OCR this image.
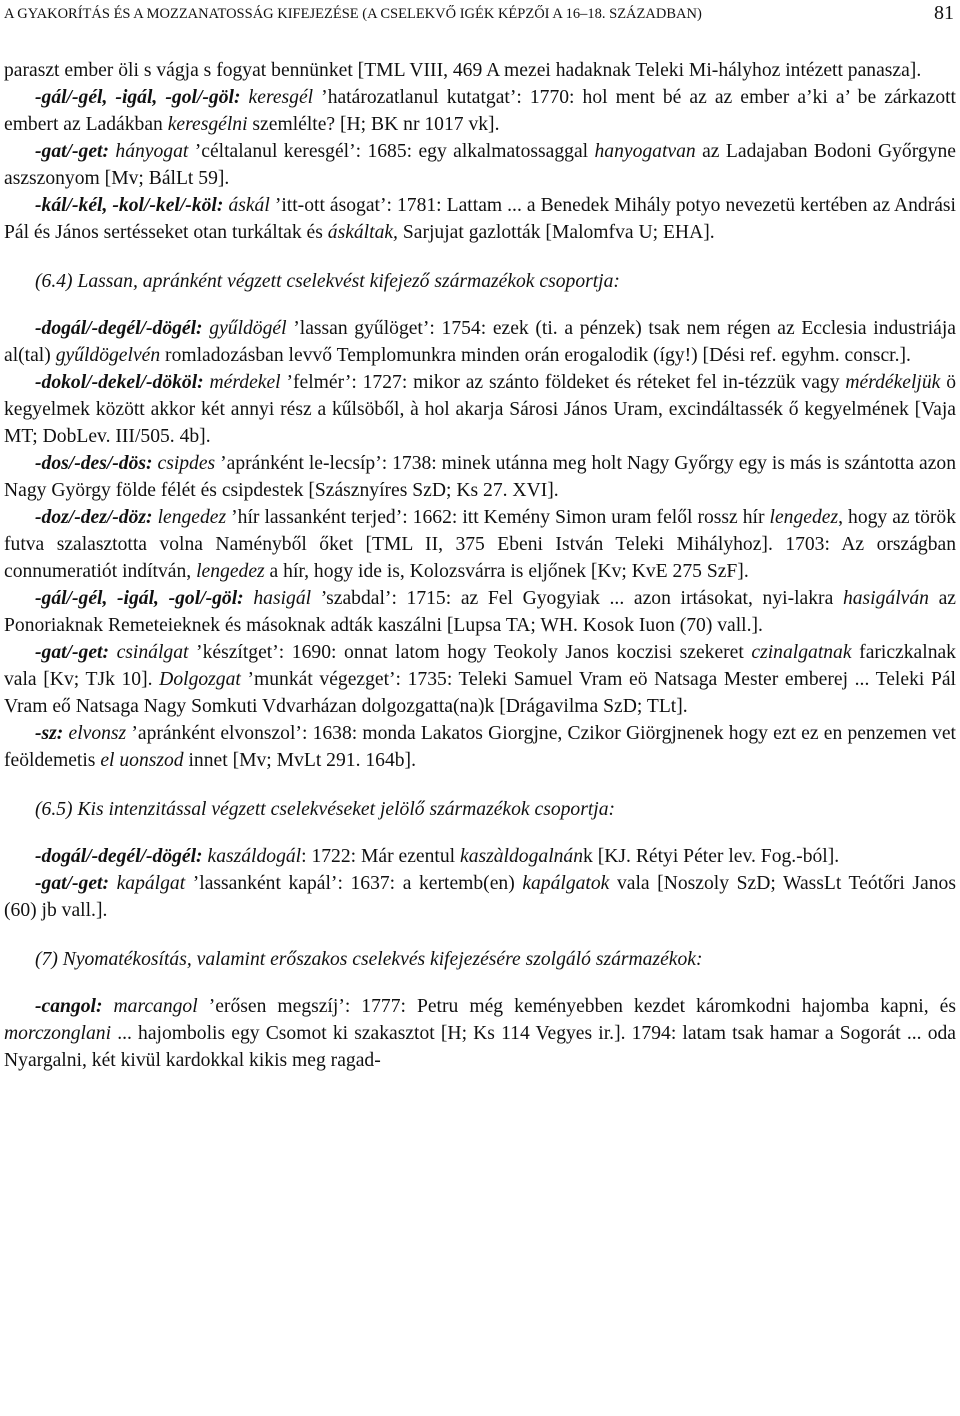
A GYAKORÍTÁS ÉS A MOZZANATOSSÁG KIFEJEZÉSE (A CSELEKVŐ IGÉK KÉPZŐI A 16–18. SZÁZADBAN)	81

paraszt ember öli s vágja s fogyat bennünket [TML VIII, 469 A mezei hadaknak Teleki Mi-hályhoz intézett panasza].

-gál/-gél, -igál, -gol/-göl: keresgél ’határozatlanul kutatgat’: 1770: hol ment bé az az ember a’ki a’ be zárkazott embert az Ladákban keresgélni szemlélte? [H; BK nr 1017 vk].

-gat/-get: hányogat ’céltalanul keresgél’: 1685: egy alkalmatossaggal hanyogatvan az Ladajaban Bodoni Győrgyne aszszonyom [Mv; BálLt 59].

-kál/-kél, -kol/-kel/-köl: áskál ’itt-ott ásogat’: 1781: Lattam ... a Benedek Mihály potyo nevezetü kertében az Andrási Pál és János sertésseket otan turkáltak és áskáltak, Sarjujat gazlották [Malomfva U; EHA].

(6.4) Lassan, apránként végzett cselekvést kifejező származékok csoportja:

-dogál/-degél/-dögél: gyűldögél ’lassan gyűlöget’: 1754: ezek (ti. a pénzek) tsak nem régen az Ecclesia industriája al(tal) gyűldögelvén romladozásban levvő Templomunkra minden orán erogalodik (így!) [Dési ref. egyhm. conscr.].

-dokol/-dekel/-dököl: mérdekel ’felmér’: 1727: mikor az szánto földeket és réteket fel in-tézzük vagy mérdékeljük ö kegyelmek között akkor két annyi rész a kűlsöből, à hol akarja Sárosi János Uram, excindáltassék ő kegyelmének [Vaja MT; DobLev. III/505. 4b].

-dos/-des/-dös: csipdes ’apránként le-lecsíp’: 1738: minek utánna meg holt Nagy Győrgy egy is más is szántotta azon Nagy György földe félét és csipdestek [Szásznyíres SzD; Ks 27. XVI].

-doz/-dez/-döz: lengedez ’hír lassanként terjed’: 1662: itt Kemény Simon uram felől rossz hír lengedez, hogy az török futva szalasztotta volna Naményből őket [TML II, 375 Ebeni István Teleki Mihályhoz]. 1703: Az országban connumeratiót indítván, lengedez a hír, hogy ide is, Kolozsvárra is eljőnek [Kv; KvE 275 SzF].

-gál/-gél, -igál, -gol/-göl: hasigál ’szabdal’: 1715: az Fel Gyogyiak ... azon irtásokat, nyi-lakra hasigálván az Ponoriaknak Remeteieknek és másoknak adták kaszálni [Lupsa TA; WH. Kosok Iuon (70) vall.].

-gat/-get: csinálgat ’készítget’: 1690: onnat latom hogy Teokoly Janos koczisi szekeret czinalgatnak fariczkalnak vala [Kv; TJk 10]. Dolgozgat ’munkát végezget’: 1735: Teleki Samuel Vram eö Natsaga Mester emberej ... Teleki Pál Vram eő Natsaga Nagy Somkuti Vdvarházan dolgozgatta(na)k [Drágavilma SzD; TLt].

-sz: elvonsz ’apránként elvonszol’: 1638: monda Lakatos Giorgjne, Czikor Giörgjnenek hogy ezt ez en penzemen vet feöldemetis el uonszod innet [Mv; MvLt 291. 164b].

(6.5) Kis intenzitással végzett cselekvéseket jelölő származékok csoportja:

-dogál/-degél/-dögél: kaszáldogál: 1722: Már ezentul kaszàldogalnánk [KJ. Rétyi Péter lev. Fog.-ból].

-gat/-get: kapálgat ’lassanként kapál’: 1637: a kertemb(en) kapálgatok vala [Noszoly SzD; WassLt Teótőri Janos (60) jb vall.].

(7) Nyomatékosítás, valamint erőszakos cselekvés kifejezésére szolgáló származékok:

-cangol: marcangol ’erősen megszíj’: 1777: Petru még keményebben kezdet káromkodni hajomba kapni, és morczonglani ... hajombolis egy Csomot ki szakasztot [H; Ks 114 Vegyes ir.]. 1794: latam tsak hamar a Sogorát ... oda Nyargalni, két kivül kardokkal kikis meg ragad-
